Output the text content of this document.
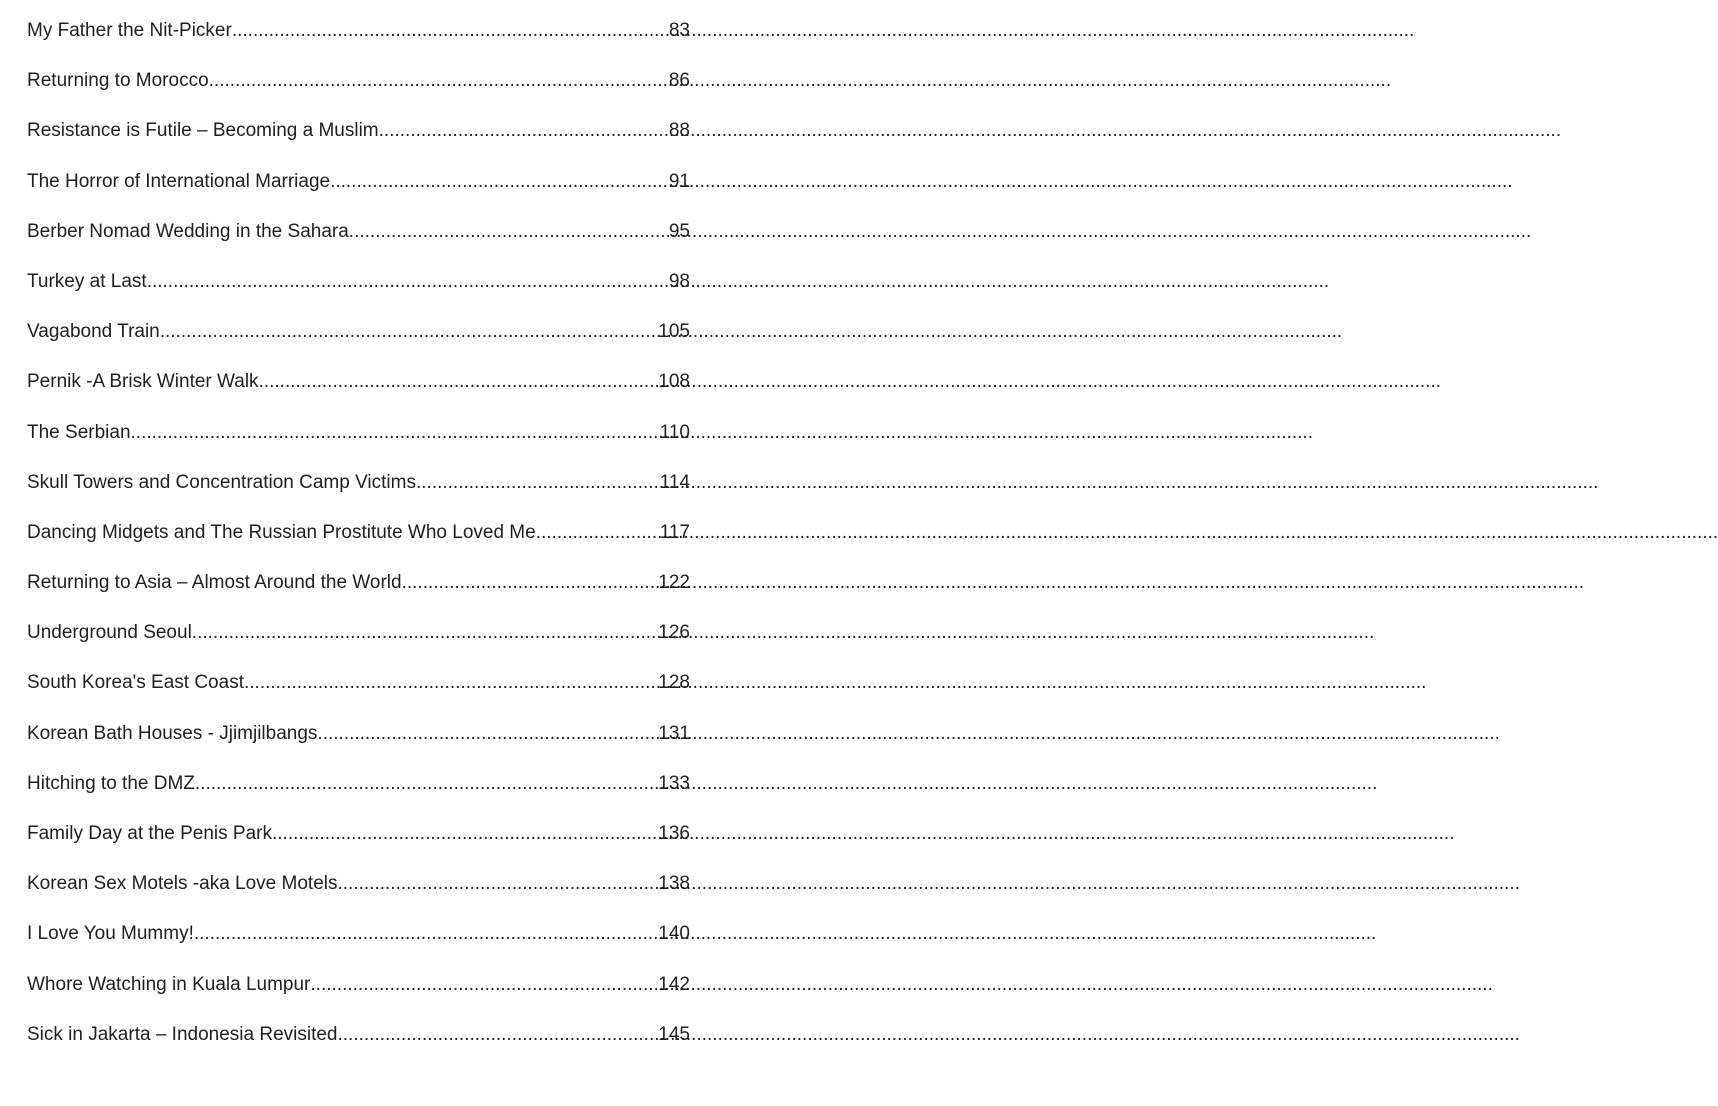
My Father the Nit-Picker .....	83
Returning to Morocco .....	86
Resistance is Futile – Becoming a Muslim .....	88
The Horror of International Marriage .....	91
Berber Nomad Wedding in the Sahara .....	95
Turkey at Last .....	98
Vagabond Train .....	105
Pernik -A Brisk Winter Walk .....	108
The Serbian .....	110
Skull Towers and Concentration Camp Victims .....	114
Dancing Midgets and The Russian Prostitute Who Loved Me .....	117
Returning to Asia – Almost Around the World .....	122
Underground Seoul .....	126
South Korea's East Coast .....	128
Korean Bath Houses - Jjimjilbangs .....	131
Hitching to the DMZ .....	133
Family Day at the Penis Park .....	136
Korean Sex Motels -aka Love Motels .....	138
I Love You Mummy! .....	140
Whore Watching in Kuala Lumpur .....	142
Sick in Jakarta – Indonesia Revisited .....	145
